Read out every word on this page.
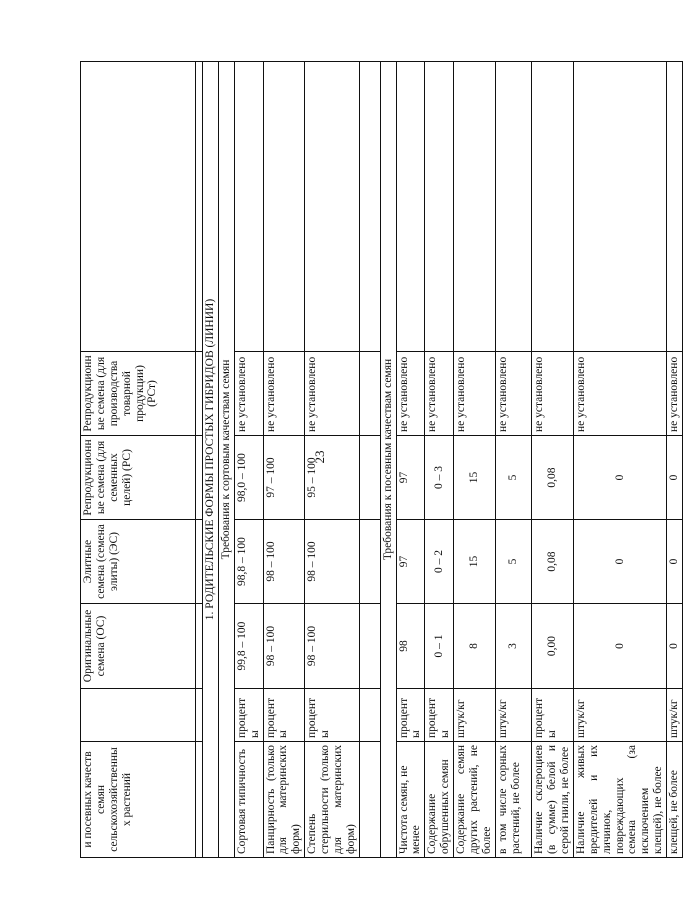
23
и посевных качеств семян сельскохозяйственных растений		Оригинальные семена (ОС)	Элитные семена (семена элиты) (ЭС)	Репродукционные семена (для семенных целей) (РС)	Репродукционные семена (для производства товарной продукции) (РСт)	

1. РОДИТЕЛЬСКИЕ ФОРМЫ ПРОСТЫХ ГИБРИДОВ (ЛИНИИ)						
Требования к сортовым качествам семян						
Сортовая типичность	проценты	99,8 – 100	98,8 – 100	98,0 – 100	не установлено	
Панцирность (только для материнских форм)	проценты	98 – 100	98 – 100	97 – 100	не установлено	
Степень стерильности (только для материнских форм)	проценты	98 – 100	98 – 100	95 – 100	не установлено	

Требования к посевным качествам семян						
Чистота семян, не менее	проценты	98	97	97	не установлено	
Содержание обрушенных семян	проценты	0 – 1	0 – 2	0 – 3	не установлено	
Содержание семян других растений, не более	штук/кг	8	15	15	не установлено	
в том числе сорных растений, не более	штук/кг	3	5	5	не установлено	
Наличие склероциев (в сумме) белой и серой гнили, не более	проценты	0,00	0,08	0,08	не установлено	
Наличие живых вредителей и их личинок, повреждающих семена (за исключением клещей), не более	штук/кг	0	0	0	не установлено	
клещей, не более	штук/кг	0	0	0	не установлено	
